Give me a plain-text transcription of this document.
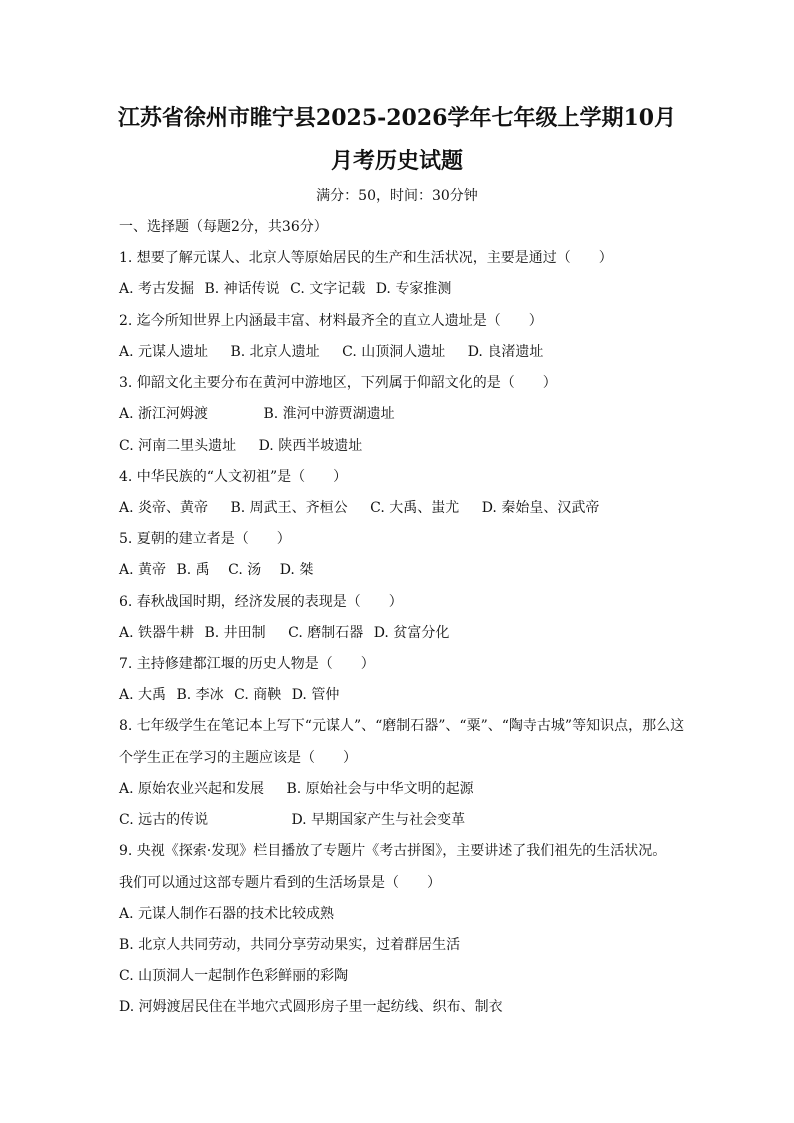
江苏省徐州市睢宁县2025-2026学年七年级上学期10月
月考历史试题
满分：50，时间：30分钟
一、选择题（每题2分，共36分）
1. 想要了解元谋人、北京人等原始居民的生产和生活状况，主要是通过（　　）
A. 考古发掘 B. 神话传说 C. 文字记载 D. 专家推测
2. 迄今所知世界上内涵最丰富、材料最齐全的直立人遗址是（　　）
A. 元谋人遗址 B. 北京人遗址 C. 山顶洞人遗址 D. 良渚遗址
3. 仰韶文化主要分布在黄河中游地区，下列属于仰韶文化的是（　　）
A. 浙江河姆渡	B. 淮河中游贾湖遗址
C. 河南二里头遗址 D. 陕西半坡遗址
4. 中华民族的“人文初祖”是（　　）
A. 炎帝、黄帝 B. 周武王、齐桓公 C. 大禹、蚩尤 D. 秦始皇、汉武帝
5. 夏朝的建立者是（　　）
A. 黄帝 B. 禹 C. 汤 D. 桀
6. 春秋战国时期，经济发展的表现是（　　）
A. 铁器牛耕 B. 井田制 C. 磨制石器 D. 贫富分化
7. 主持修建都江堰的历史人物是（　　）
A. 大禹 B. 李冰 C. 商鞅 D. 管仲
8. 七年级学生在笔记本上写下“元谋人”、“磨制石器”、“粟”、“陶寺古城”等知识点，那么这
个学生正在学习的主题应该是（　　）
A. 原始农业兴起和发展 B. 原始社会与中华文明的起源
C. 远古的传说	D. 早期国家产生与社会变革
9. 央视《探索·发现》栏目播放了专题片《考古拼图》，主要讲述了我们祖先的生活状况。
我们可以通过这部专题片看到的生活场景是（　　）
A. 元谋人制作石器的技术比较成熟
B. 北京人共同劳动，共同分享劳动果实，过着群居生活
C. 山顶洞人一起制作色彩鲜丽的彩陶
D. 河姆渡居民住在半地穴式圆形房子里一起纺线、织布、制衣
